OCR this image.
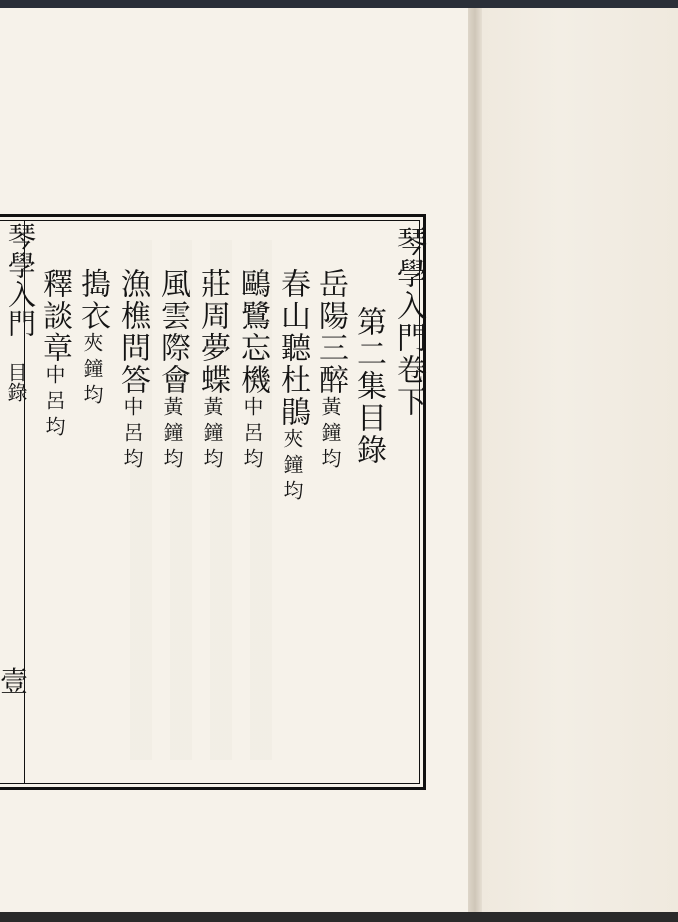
琴學入門
目錄
壹
琴學入門卷下
第二集目錄
岳陽三醉黃鐘均
春山聽杜鵑夾鐘均
鷗鷺忘機中呂均
莊周夢蝶黃鐘均
風雲際會黃鐘均
漁樵問答中呂均
搗衣夾鐘均
釋談章中呂均
